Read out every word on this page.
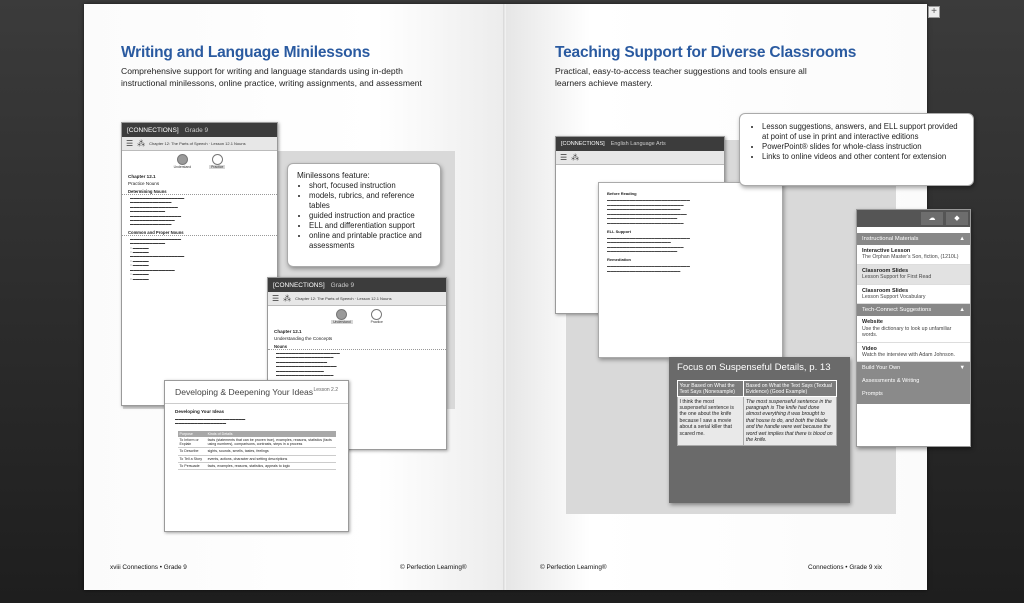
Writing and Language Minilessons

Comprehensive support for writing and language standards using in-depth instructional minilessons, online practice, writing assignments, and assessment

[CONNECTIONS] Grade 9
☰ ⁂ Chapter 12: The Parts of Speech · Lesson 12.1 Nouns
Understand	Practice
Chapter 12.1
Practice Nouns
Determining Nouns
▬▬▬▬▬▬▬▬▬▬▬▬▬▬▬▬▬
▬▬▬▬▬▬▬▬▬▬▬▬▬
▬▬▬▬▬▬▬▬▬▬▬▬▬▬▬
▬▬▬▬▬▬▬▬▬▬▬
▬▬▬▬▬▬▬▬▬▬▬▬▬▬▬▬
▬▬▬▬▬▬▬▬▬▬▬▬▬▬
▬▬▬▬▬▬▬▬▬▬▬▬▬
Common and Proper Nouns
▬▬▬▬▬▬▬▬▬▬▬▬▬▬▬▬
▬▬▬▬▬▬▬▬▬▬▬
○ ▬▬▬▬▬
○ ▬▬▬▬▬
▬▬▬▬▬▬▬▬▬▬▬▬▬▬▬▬▬
○ ▬▬▬▬▬
○ ▬▬▬▬▬
▬▬▬▬▬▬▬▬▬▬▬▬▬▬
○ ▬▬▬▬▬
○ ▬▬▬▬▬
Minilessons feature:
• short, focused instruction
• models, rubrics, and reference tables
• guided instruction and practice
• ELL and differentiation support
• online and printable practice and assessments
[CONNECTIONS] Grade 9
☰ ⁂ Chapter 12: The Parts of Speech · Lesson 12.1 Nouns
Understand	Practice
Chapter 12.1
Understanding the Concepts
Nouns
▬▬▬▬▬▬▬▬▬▬▬▬▬▬▬▬▬▬▬▬
▬▬▬▬▬▬▬▬▬▬▬▬▬▬▬▬▬▬
▬▬▬▬▬▬▬▬▬▬▬▬▬▬▬▬
▬▬▬▬▬▬▬▬▬▬▬▬▬▬▬▬▬▬▬
▬▬▬▬▬▬▬▬▬▬▬▬▬▬▬
▬▬▬▬▬▬▬▬▬▬▬▬▬▬▬▬▬▬
Developing & Deepening Your Ideas Lesson 2.2
Developing Your Ideas
▬▬▬▬▬▬▬▬▬▬▬▬▬▬▬▬▬▬▬▬▬▬
▬▬▬▬▬▬▬▬▬▬▬▬▬▬▬▬
Purpose	Kinds of Details
To Inform or Explain	facts (statements that can be proven true), examples, reasons, statistics (facts using numbers), comparisons, contrasts, steps in a process
To Describe	sights, sounds, smells, tastes, feelings
To Tell a Story	events, actions, character and setting descriptions
To Persuade	facts, examples, reasons, statistics, appeals to logic
xviii Connections • Grade 9	© Perfection Learning®
Teaching Support for Diverse Classrooms

Practical, easy-to-access teacher suggestions and tools ensure all learners achieve mastery.

[CONNECTIONS] English Language Arts
☰ ⁂
Before Reading

▬▬▬▬▬▬▬▬▬▬▬▬▬▬▬▬▬▬▬▬▬▬▬▬▬▬
▬▬▬▬▬▬▬▬▬▬▬▬▬▬▬▬▬▬▬▬▬▬▬▬
▬▬▬▬▬▬▬▬▬▬▬▬▬▬▬▬▬▬▬▬▬▬▬
▬▬▬▬▬▬▬▬▬▬▬▬▬▬▬▬▬▬▬▬▬▬▬▬▬
▬▬▬▬▬▬▬▬▬▬▬▬▬▬▬▬▬▬▬▬▬▬
▬▬▬▬▬▬▬▬▬▬▬▬▬▬▬▬▬▬▬▬▬▬▬▬

ELL Support

▬▬▬▬▬▬▬▬▬▬▬▬▬▬▬▬▬▬▬▬▬▬▬▬▬▬
▬▬▬▬▬▬▬▬▬▬▬▬▬▬▬▬▬▬▬▬
▬▬▬▬▬▬▬▬▬▬▬▬▬▬▬▬▬▬▬▬▬▬▬▬
▬▬▬▬▬▬▬▬▬▬▬▬▬▬▬▬▬▬▬▬▬▬

Remediation

▬▬▬▬▬▬▬▬▬▬▬▬▬▬▬▬▬▬▬▬▬▬▬▬▬▬
▬▬▬▬▬▬▬▬▬▬▬▬▬▬▬▬▬▬▬▬▬▬▬

• Lesson suggestions, answers, and ELL support provided at point of use in print and interactive editions
• PowerPoint® slides for whole-class instruction
• Links to online videos and other content for extension
☁	◆
Instructional Materials	▲
Interactive Lesson
The Orphan Master's Son, fiction, (1210L)
Classroom Slides
Lesson Support for First Read
Classroom Slides
Lesson Support Vocabulary
Tech-Connect Suggestions	▲
Website
Use the dictionary to look up unfamiliar words.
Video
Watch the interview with Adam Johnson.
Build Your Own	▼
Assessments & Writing
Prompts
Focus on Suspenseful Details, p. 13
Your Based on What the Text Says (Nonexample)	Based on What the Text Says (Textual Evidence) (Good Example)
I think the most suspenseful sentence is the one about the knife because I saw a movie about a serial killer that scared me.	The most suspenseful sentence in the paragraph is The knife had done almost everything it was brought to that house to do, and both the blade and the handle were wet because the word wet implies that there is blood on the knife.
© Perfection Learning®	Connections • Grade 9 xix
+
